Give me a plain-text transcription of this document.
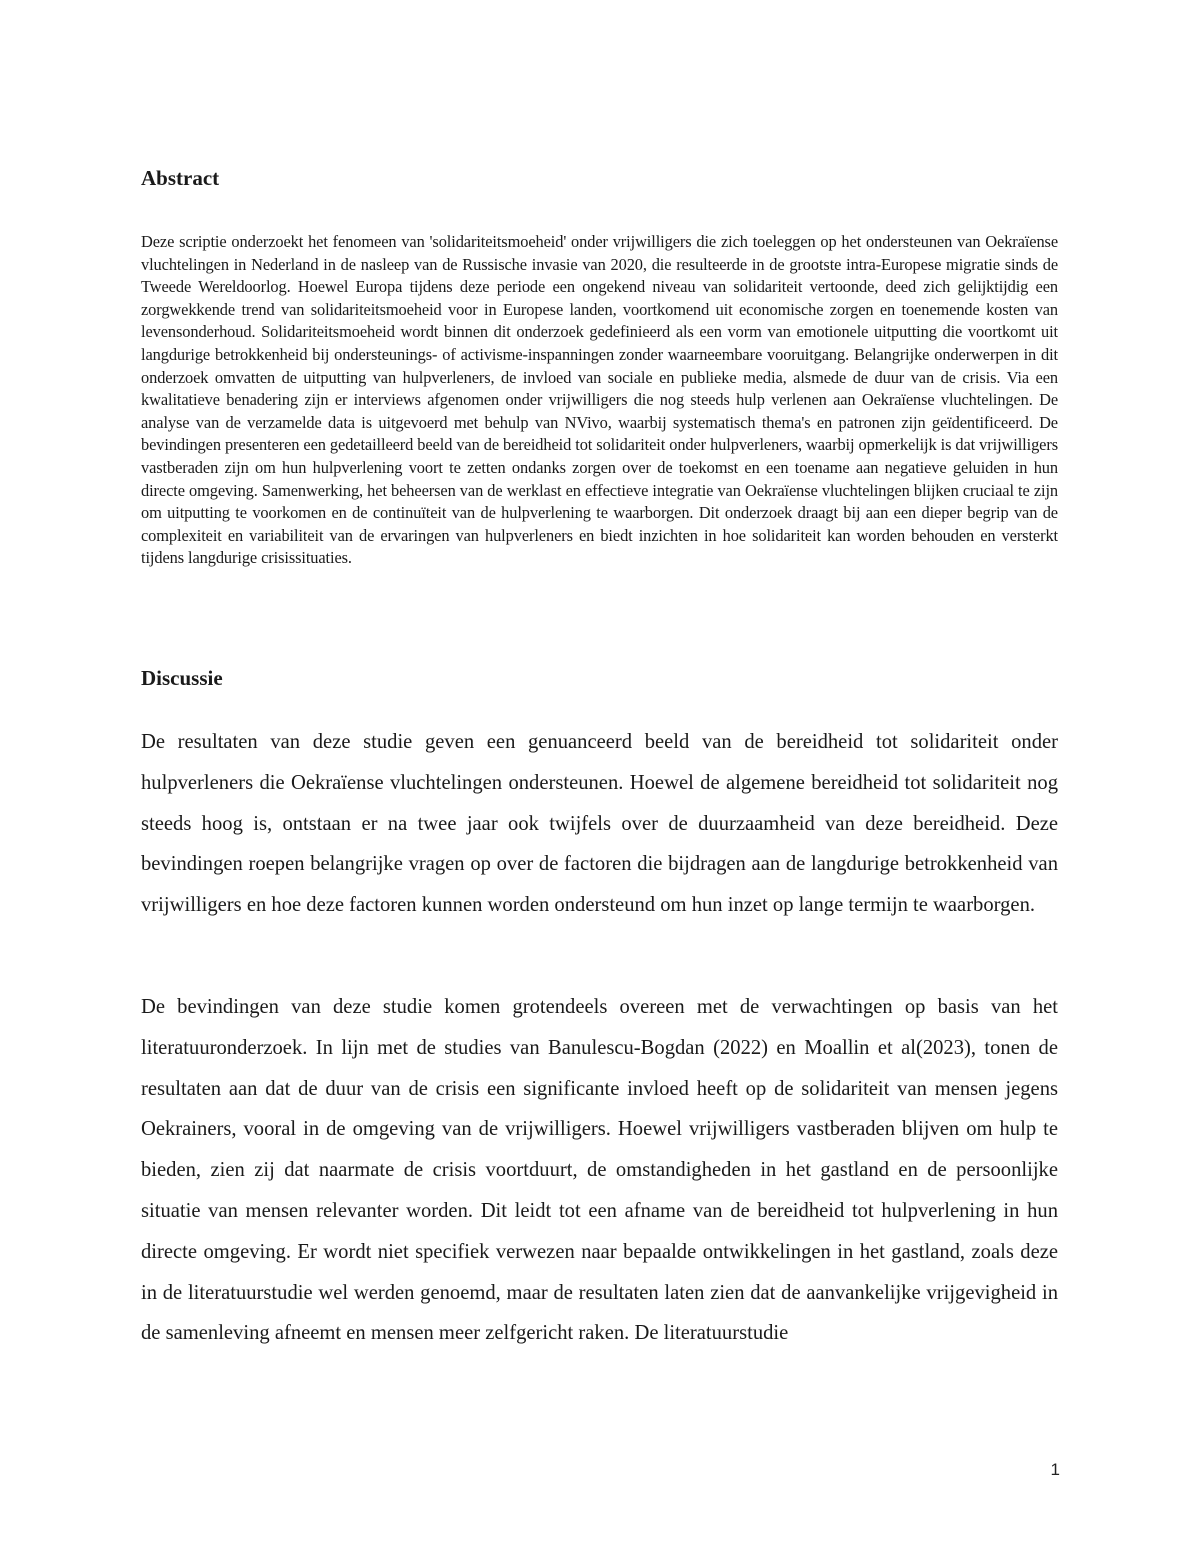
Abstract

Deze scriptie onderzoekt het fenomeen van 'solidariteitsmoeheid' onder vrijwilligers die zich toeleggen op het ondersteunen van Oekraïense vluchtelingen in Nederland in de nasleep van de Russische invasie van 2020, die resulteerde in de grootste intra-Europese migratie sinds de Tweede Wereldoorlog. Hoewel Europa tijdens deze periode een ongekend niveau van solidariteit vertoonde, deed zich gelijktijdig een zorgwekkende trend van solidariteitsmoeheid voor in Europese landen, voortkomend uit economische zorgen en toenemende kosten van levensonderhoud. Solidariteitsmoeheid wordt binnen dit onderzoek gedefinieerd als een vorm van emotionele uitputting die voortkomt uit langdurige betrokkenheid bij ondersteunings- of activisme-inspanningen zonder waarneembare vooruitgang. Belangrijke onderwerpen in dit onderzoek omvatten de uitputting van hulpverleners, de invloed van sociale en publieke media, alsmede de duur van de crisis. Via een kwalitatieve benadering zijn er interviews afgenomen onder vrijwilligers die nog steeds hulp verlenen aan Oekraïense vluchtelingen. De analyse van de verzamelde data is uitgevoerd met behulp van NVivo, waarbij systematisch thema's en patronen zijn geïdentificeerd. De bevindingen presenteren een gedetailleerd beeld van de bereidheid tot solidariteit onder hulpverleners, waarbij opmerkelijk is dat vrijwilligers vastberaden zijn om hun hulpverlening voort te zetten ondanks zorgen over de toekomst en een toename aan negatieve geluiden in hun directe omgeving. Samenwerking, het beheersen van de werklast en effectieve integratie van Oekraïense vluchtelingen blijken cruciaal te zijn om uitputting te voorkomen en de continuïteit van de hulpverlening te waarborgen. Dit onderzoek draagt bij aan een dieper begrip van de complexiteit en variabiliteit van de ervaringen van hulpverleners en biedt inzichten in hoe solidariteit kan worden behouden en versterkt tijdens langdurige crisissituaties.

Discussie

De resultaten van deze studie geven een genuanceerd beeld van de bereidheid tot solidariteit onder hulpverleners die Oekraïense vluchtelingen ondersteunen. Hoewel de algemene bereidheid tot solidariteit nog steeds hoog is, ontstaan er na twee jaar ook twijfels over de duurzaamheid van deze bereidheid. Deze bevindingen roepen belangrijke vragen op over de factoren die bijdragen aan de langdurige betrokkenheid van vrijwilligers en hoe deze factoren kunnen worden ondersteund om hun inzet op lange termijn te waarborgen.

De bevindingen van deze studie komen grotendeels overeen met de verwachtingen op basis van het literatuuronderzoek. In lijn met de studies van Banulescu-Bogdan (2022) en Moallin et al(2023), tonen de resultaten aan dat de duur van de crisis een significante invloed heeft op de solidariteit van mensen jegens Oekrainers, vooral in de omgeving van de vrijwilligers. Hoewel vrijwilligers vastberaden blijven om hulp te bieden, zien zij dat naarmate de crisis voortduurt, de omstandigheden in het gastland en de persoonlijke situatie van mensen relevanter worden. Dit leidt tot een afname van de bereidheid tot hulpverlening in hun directe omgeving. Er wordt niet specifiek verwezen naar bepaalde ontwikkelingen in het gastland, zoals deze in de literatuurstudie wel werden genoemd, maar de resultaten laten zien dat de aanvankelijke vrijgevigheid in de samenleving afneemt en mensen meer zelfgericht raken. De literatuurstudie

1
